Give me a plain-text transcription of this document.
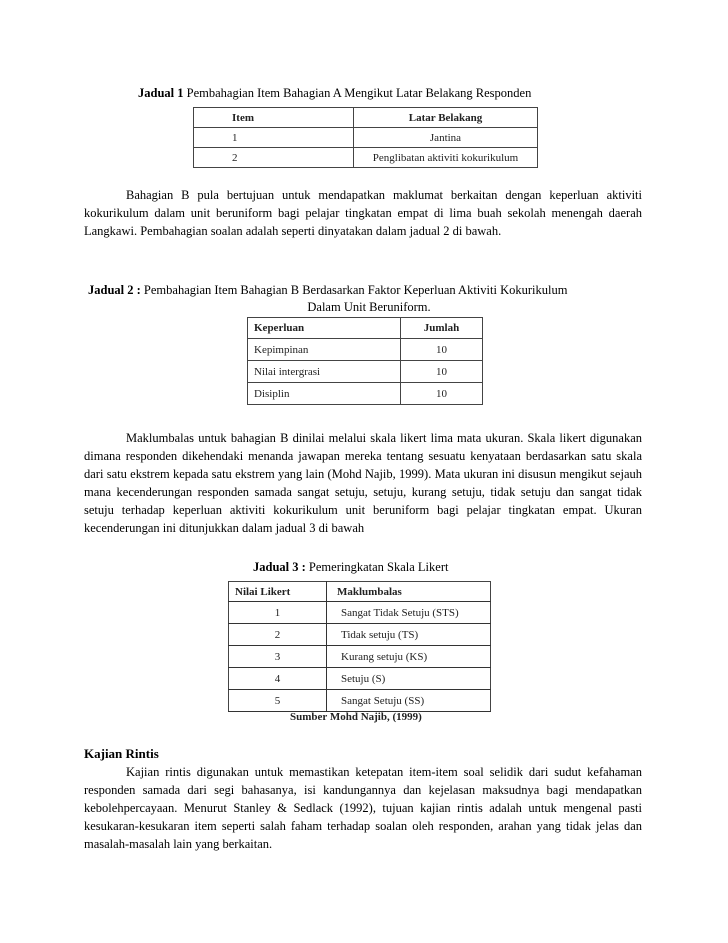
Jadual 1 Pembahagian Item Bahagian A Mengikut Latar Belakang Responden
Item	Latar Belakang
1	Jantina
2	Penglibatan aktiviti kokurikulum
Bahagian B pula bertujuan untuk mendapatkan maklumat berkaitan dengan keperluan aktiviti kokurikulum dalam unit beruniform bagi pelajar tingkatan empat di lima buah sekolah menengah daerah Langkawi. Pembahagian soalan adalah seperti dinyatakan dalam jadual 2 di bawah.
Jadual 2 : Pembahagian Item Bahagian B Berdasarkan Faktor Keperluan Aktiviti Kokurikulum
Dalam Unit Beruniform.
Keperluan	Jumlah
Kepimpinan	10
Nilai intergrasi	10
Disiplin	10
Maklumbalas untuk bahagian B dinilai melalui skala likert lima mata ukuran. Skala likert digunakan dimana responden dikehendaki menanda jawapan mereka tentang sesuatu kenyataan berdasarkan satu skala dari satu ekstrem kepada satu ekstrem yang lain (Mohd Najib, 1999). Mata ukuran ini disusun mengikut sejauh mana kecenderungan responden samada sangat setuju, setuju, kurang setuju, tidak setuju dan sangat tidak setuju terhadap keperluan aktiviti kokurikulum unit beruniform bagi pelajar tingkatan empat. Ukuran kecenderungan ini ditunjukkan dalam jadual 3 di bawah
Jadual 3 : Pemeringkatan Skala Likert
Nilai Likert	Maklumbalas
1	Sangat Tidak Setuju (STS)
2	Tidak setuju (TS)
3	Kurang setuju (KS)
4	Setuju (S)
5	Sangat Setuju (SS)
Sumber Mohd Najib, (1999)
Kajian Rintis
Kajian rintis digunakan untuk memastikan ketepatan item-item soal selidik dari sudut kefahaman responden samada dari segi bahasanya, isi kandungannya dan kejelasan maksudnya bagi mendapatkan kebolehpercayaan. Menurut Stanley & Sedlack (1992), tujuan kajian rintis adalah untuk mengenal pasti kesukaran-kesukaran item seperti salah faham terhadap soalan oleh responden, arahan yang tidak jelas dan masalah-masalah lain yang berkaitan.
